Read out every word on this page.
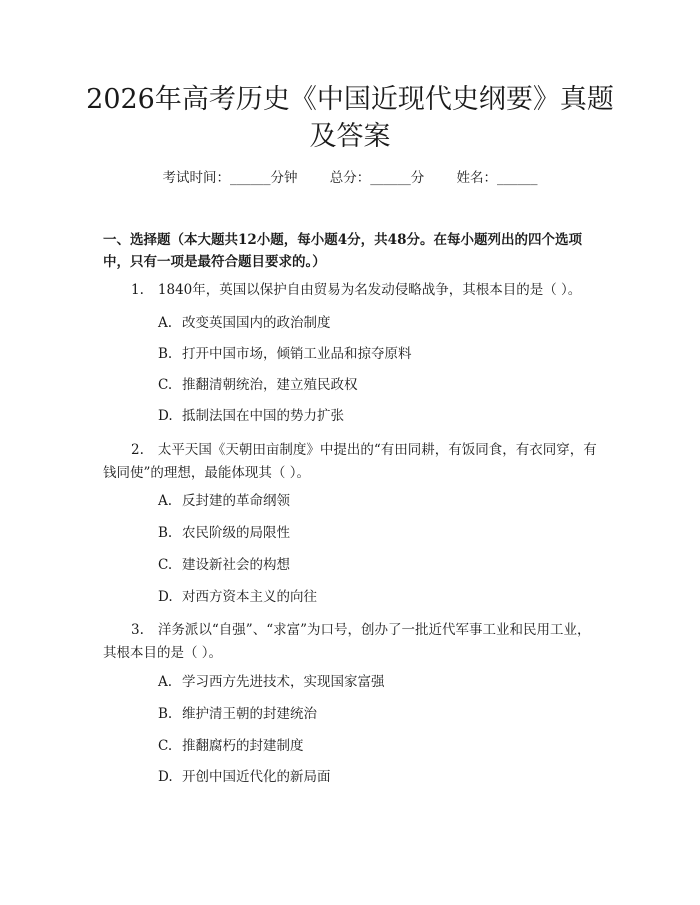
2026年高考历史《中国近现代史纲要》真题
及答案
考试时间：______分钟 总分：______分 姓名：______

一、选择题（本大题共12小题，每小题4分，共48分。在每小题列出的四个选项中，只有一项是最符合题目要求的。）

1. 1840年，英国以保护自由贸易为名发动侵略战争，其根本目的是（ ）。

A. 改变英国国内的政治制度
B. 打开中国市场，倾销工业品和掠夺原料
C. 推翻清朝统治，建立殖民政权
D. 抵制法国在中国的势力扩张

2. 太平天国《天朝田亩制度》中提出的“有田同耕，有饭同食，有衣同穿，有钱同使”的理想，最能体现其（ ）。

A. 反封建的革命纲领
B. 农民阶级的局限性
C. 建设新社会的构想
D. 对西方资本主义的向往

3. 洋务派以“自强”、“求富”为口号，创办了一批近代军事工业和民用工业，其根本目的是（ ）。

A. 学习西方先进技术，实现国家富强
B. 维护清王朝的封建统治
C. 推翻腐朽的封建制度
D. 开创中国近代化的新局面
